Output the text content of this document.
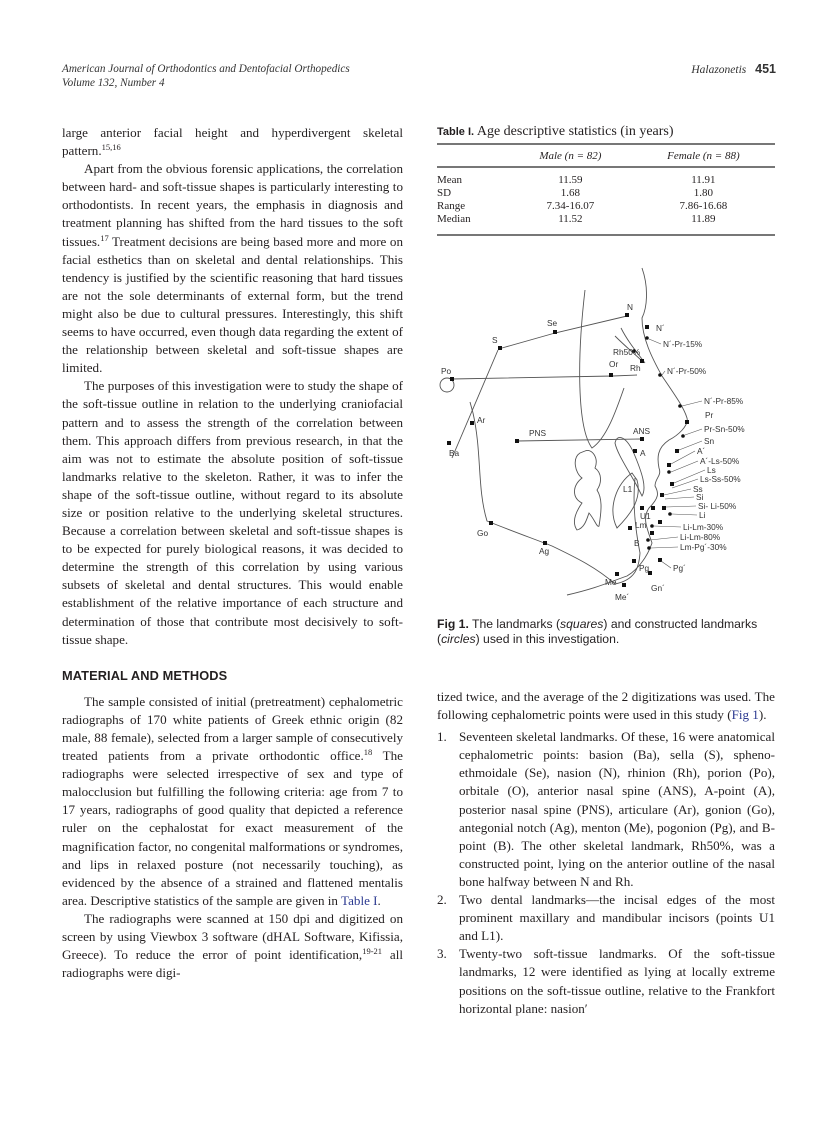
American Journal of Orthodontics and Dentofacial Orthopedics
Volume 132, Number 4
Halazonetis 451

large anterior facial height and hyperdivergent skeletal pattern.$^{15,16}$

Apart from the obvious forensic applications, the correlation between hard- and soft-tissue shapes is particularly interesting to orthodontists. In recent years, the emphasis in diagnosis and treatment planning has shifted from the hard tissues to the soft tissues.$^{17}$ Treatment decisions are being based more and more on facial esthetics than on skeletal and dental relationships. This tendency is justified by the scientific reasoning that hard tissues are not the sole determinants of external form, but the trend might also be due to cultural pressures. Interestingly, this shift seems to have occurred, even though data regarding the extent of the relationship between skeletal and soft-tissue shapes are limited.

The purposes of this investigation were to study the shape of the soft-tissue outline in relation to the underlying craniofacial pattern and to assess the strength of the correlation between them. This approach differs from previous research, in that the aim was not to estimate the absolute position of soft-tissue landmarks relative to the skeleton. Rather, it was to infer the shape of the soft-tissue outline, without regard to its absolute size or position relative to the underlying skeletal structures. Because a correlation between skeletal and soft-tissue shapes is to be expected for purely biological reasons, it was decided to determine the strength of this correlation by using various subsets of skeletal and dental structures. This would enable establishment of the relative importance of each structure and determination of those that contribute most decisively to soft-tissue shape.

MATERIAL AND METHODS

The sample consisted of initial (pretreatment) cephalometric radiographs of 170 white patients of Greek ethnic origin (82 male, 88 female), selected from a larger sample of consecutively treated patients from a private orthodontic office.$^{18}$ The radiographs were selected irrespective of sex and type of malocclusion but fulfilling the following criteria: age from 7 to 17 years, radiographs of good quality that depicted a reference ruler on the cephalostat for exact measurement of the magnification factor, no congenital malformations or syndromes, and lips in relaxed posture (not necessarily touching), as evidenced by the absence of a strained and flattened mentalis area. Descriptive statistics of the sample are given in Table I.

The radiographs were scanned at 150 dpi and digitized on screen by using Viewbox 3 software (dHAL Software, Kifissia, Greece). To reduce the error of point identification,$^{19-21}$ all radiographs were digi-

Table I. Age descriptive statistics (in years)
	Male (n = 82)	Female (n = 88)
Mean	11.59	11.91
SD	1.68	1.80
Range	7.34-16.07	7.86-16.68
Median	11.52	11.89
N
N´
Se
S
Rh50%
Rh
Or
Po
Ar
Ba
PNS	ANS
A
L1
U1
Lm
B
Pg
Me
Go
Ag
N´-Pr-15%
N´-Pr-50%
N´-Pr-85%
Pr
Pr-Sn-50%
Sn
A´
A´-Ls-50%
Ls
Ls-Ss-50%
Ss
Si
Si- Li-50%
Li
Li-Lm-30%
Li-Lm-80%
Lm-Pg´-30%
Pg´
Gn´
Me´
Fig 1. The landmarks (squares) and constructed landmarks (circles) used in this investigation.

tized twice, and the average of the 2 digitizations was used. The following cephalometric points were used in this study (Fig 1).

1. Seventeen skeletal landmarks. Of these, 16 were anatomical cephalometric points: basion (Ba), sella (S), spheno-ethmoidale (Se), nasion (N), rhinion (Rh), porion (Po), orbitale (O), anterior nasal spine (ANS), A-point (A), posterior nasal spine (PNS), articulare (Ar), gonion (Go), antegonial notch (Ag), menton (Me), pogonion (Pg), and B-point (B). The other skeletal landmark, Rh50%, was a constructed point, lying on the anterior outline of the nasal bone halfway between N and Rh.
2. Two dental landmarks—the incisal edges of the most prominent maxillary and mandibular incisors (points U1 and L1).
3. Twenty-two soft-tissue landmarks. Of the soft-tissue landmarks, 12 were identified as lying at locally extreme positions on the soft-tissue outline, relative to the Frankfort horizontal plane: nasion′
